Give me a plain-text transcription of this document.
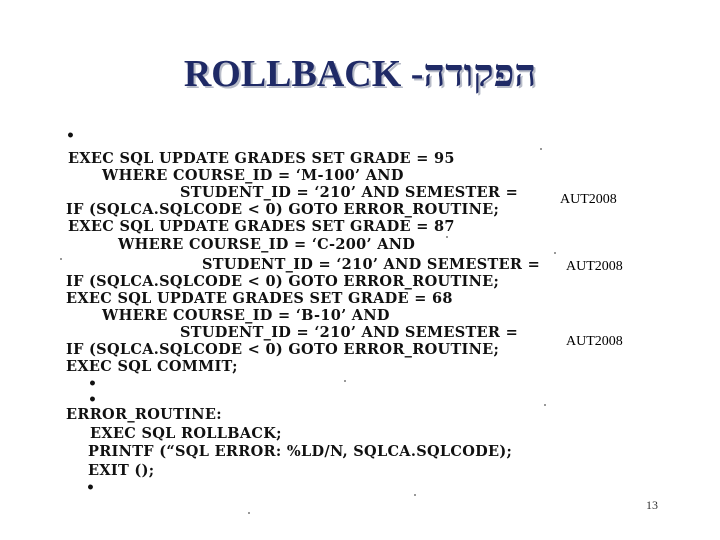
ROLLBACK -הפקודה
•
EXEC SQL UPDATE GRADES SET GRADE = 95
WHERE COURSE_ID = ‘M-100’ AND
STUDENT_ID = ‘210’ AND SEMESTER =	AUT2008
IF (SQLCA.SQLCODE < 0) GOTO ERROR_ROUTINE;
EXEC SQL UPDATE GRADES SET GRADE = 87
WHERE COURSE_ID = ‘C-200’ AND
STUDENT_ID = ‘210’ AND SEMESTER = AUT2008
IF (SQLCA.SQLCODE < 0) GOTO ERROR_ROUTINE;
EXEC SQL UPDATE GRADES SET GRADE = 68
WHERE COURSE_ID = ‘B-10’ AND
STUDENT_ID = ‘210’ AND SEMESTER =
AUT2008
IF (SQLCA.SQLCODE < 0) GOTO ERROR_ROUTINE;
EXEC SQL COMMIT;
•
•
ERROR_ROUTINE:
EXEC SQL ROLLBACK;
PRINTF (“SQL ERROR: %LD/N, SQLCA.SQLCODE);
EXIT ();
•
13
